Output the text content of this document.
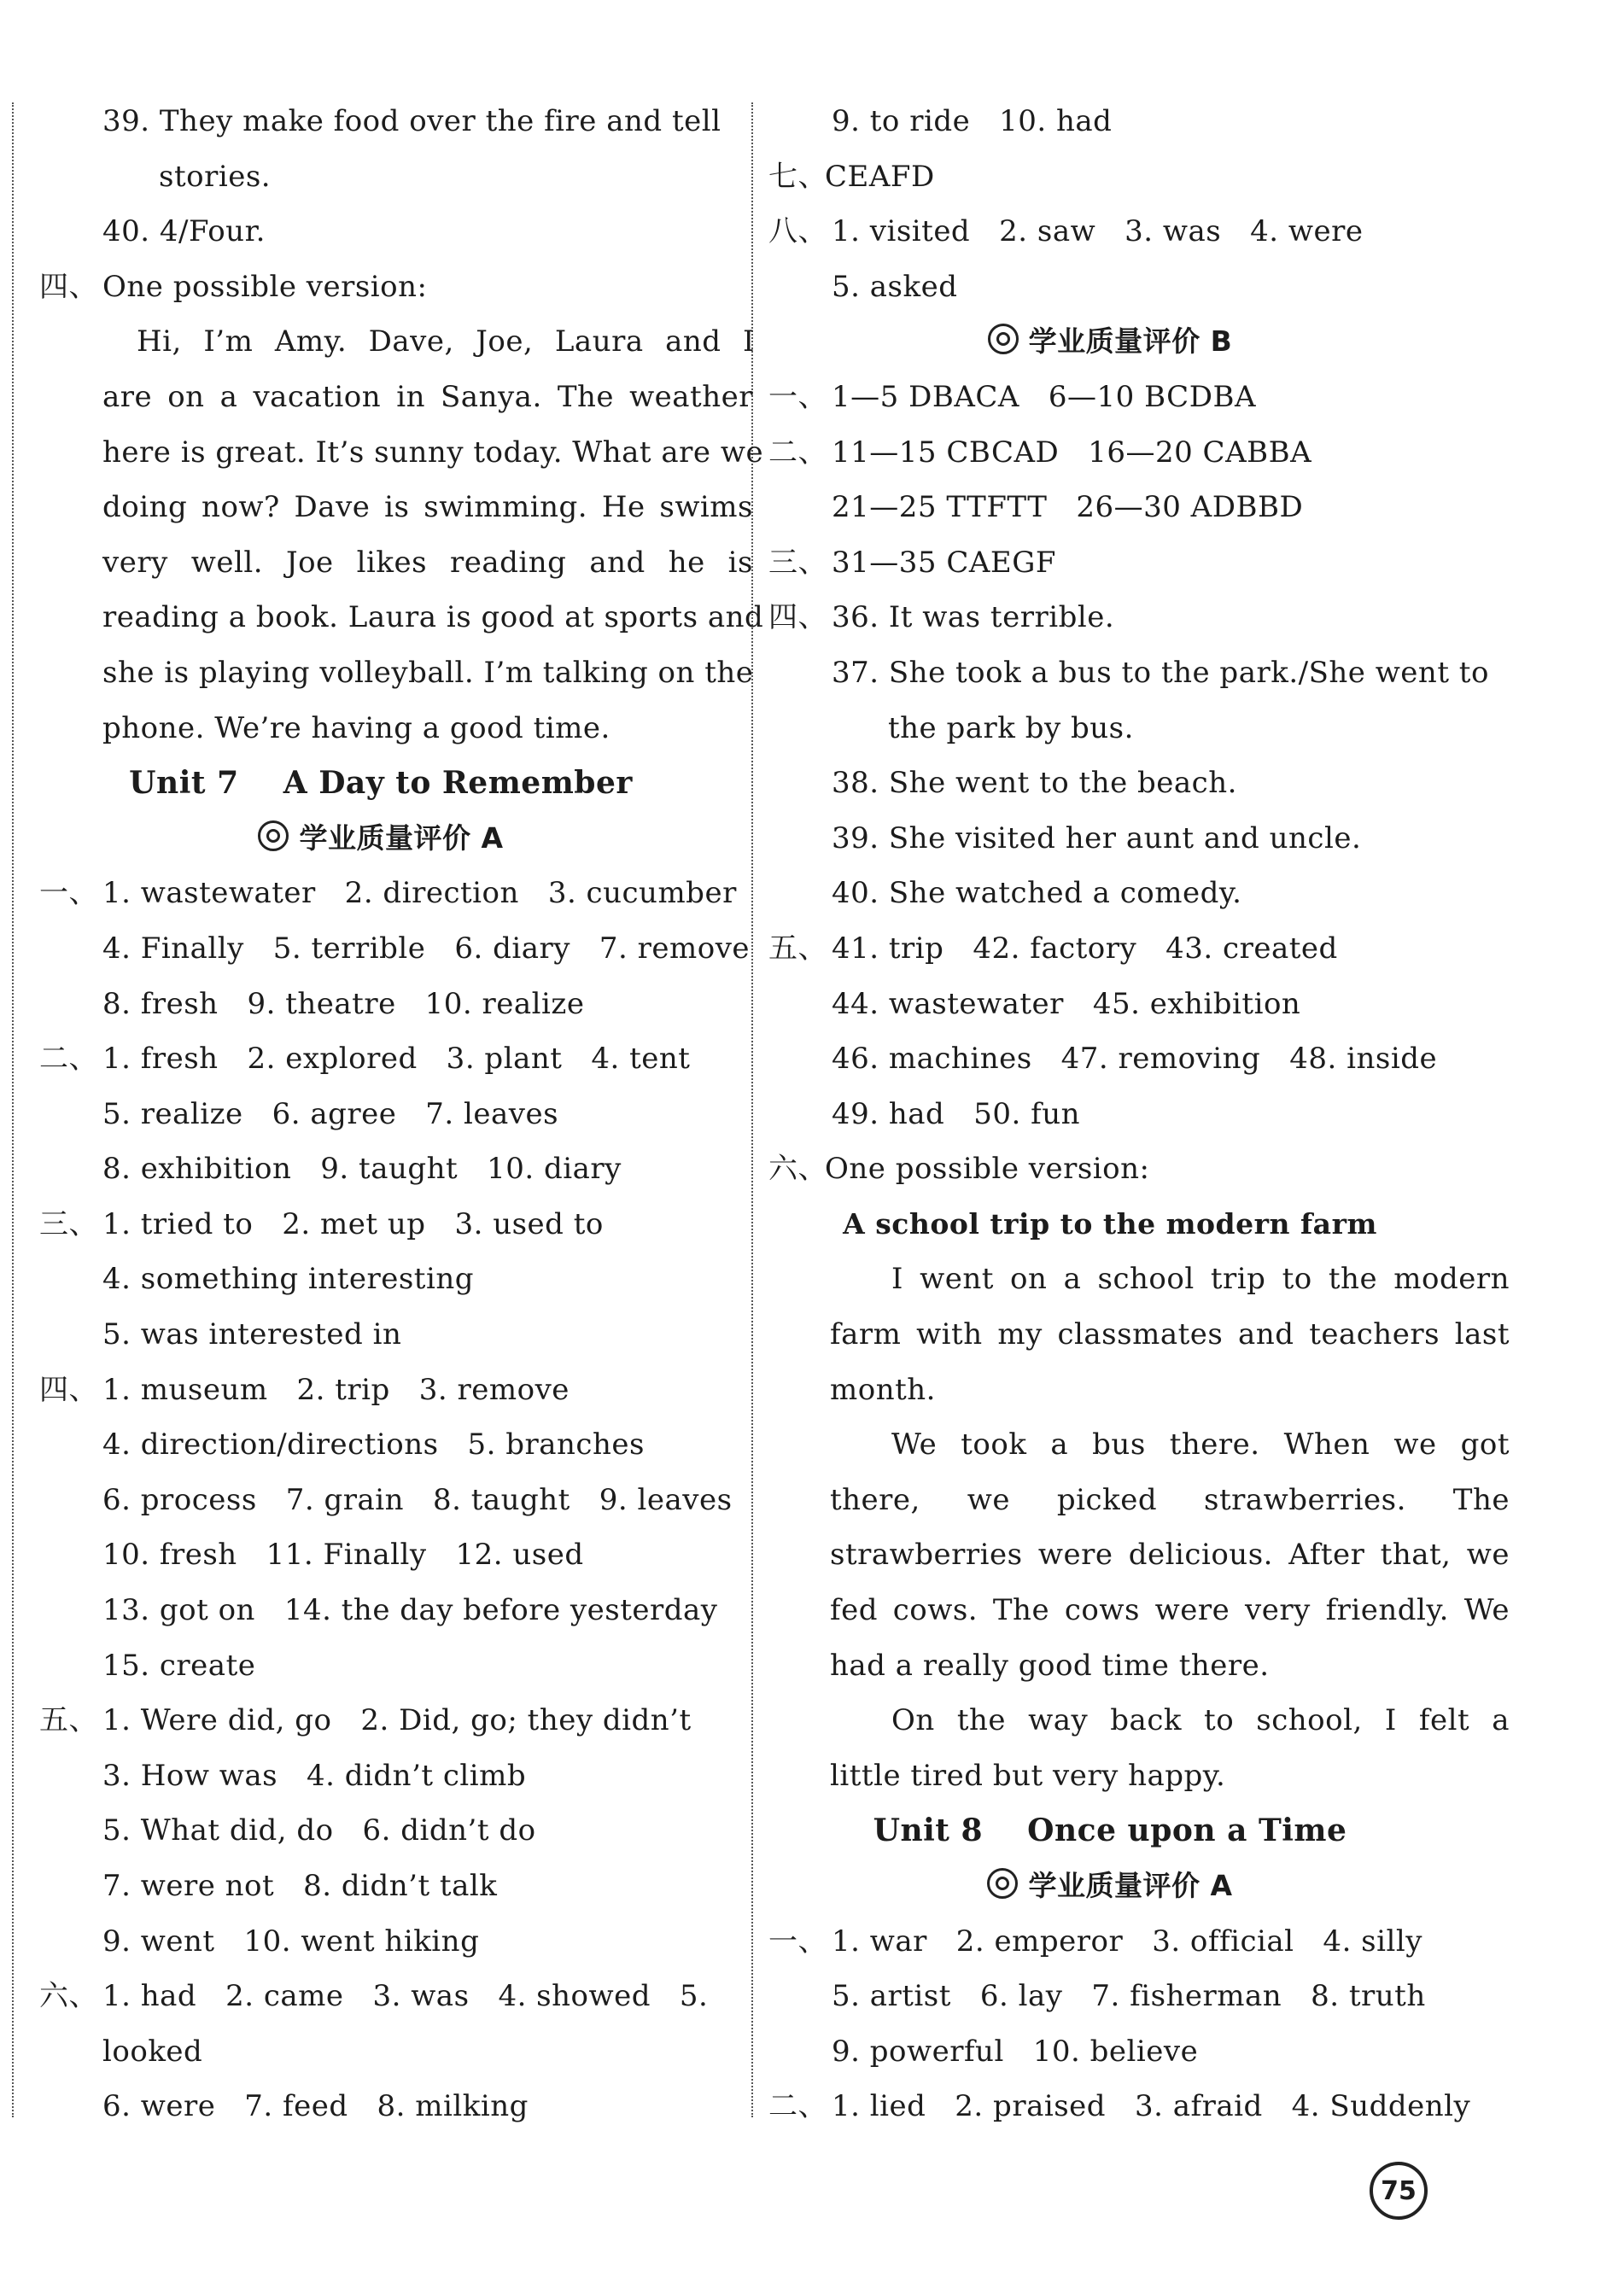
39. They make food over the fire and tell
stories.
40. 4/Four.
四、 One possible version:
Hi, I’m Amy. Dave, Joe, Laura and I
are on a vacation in Sanya. The weather
here is great. It’s sunny today. What are we
doing now? Dave is swimming. He swims
very well. Joe likes reading and he is
reading a book. Laura is good at sports and
she is playing volleyball. I’m talking on the
phone. We’re having a good time.
Unit 7    A Day to Remember
学业质量评价 A
一、 1. wastewater   2. direction   3. cucumber
4. Finally   5. terrible   6. diary   7. remove
8. fresh   9. theatre   10. realize
二、 1. fresh   2. explored   3. plant   4. tent
5. realize   6. agree   7. leaves
8. exhibition   9. taught   10. diary
三、 1. tried to   2. met up   3. used to
4. something interesting
5. was interested in
四、 1. museum   2. trip   3. remove
4. direction/directions   5. branches
6. process   7. grain   8. taught   9. leaves
10. fresh   11. Finally   12. used
13. got on   14. the day before yesterday
15. create
五、 1. Were did, go   2. Did, go; they didn’t
3. How was   4. didn’t climb
5. What did, do   6. didn’t do
7. were not   8. didn’t talk
9. went   10. went hiking
六、 1. had   2. came   3. was   4. showed   5.
looked
6. were   7. feed   8. milking
9. to ride   10. had
七、
CEAFD
八、 1. visited   2. saw   3. was   4. were
5. asked
学业质量评价 B
一、 1—5 DBACA   6—10 BCDBA
二、 11—15 CBCAD   16—20 CABBA
21—25 TTFTT   26—30 ADBBD
三、 31—35 CAEGF
四、 36. It was terrible.
37. She took a bus to the park./She went to
the park by bus.
38. She went to the beach.
39. She visited her aunt and uncle.
40. She watched a comedy.
五、 41. trip   42. factory   43. created
44. wastewater   45. exhibition
46. machines   47. removing   48. inside
49. had   50. fun
六、
One possible version:
A school trip to the modern farm
I went on a school trip to the modern
farm with my classmates and teachers last
month.
We took a bus there. When we got
there, we picked strawberries. The
strawberries were delicious. After that, we
fed cows. The cows were very friendly. We
had a really good time there.
On the way back to school, I felt a
little tired but very happy.
Unit 8    Once upon a Time
学业质量评价 A
一、 1. war   2. emperor   3. official   4. silly
5. artist   6. lay   7. fisherman   8. truth
9. powerful   10. believe
二、 1. lied   2. praised   3. afraid   4. Suddenly
75
